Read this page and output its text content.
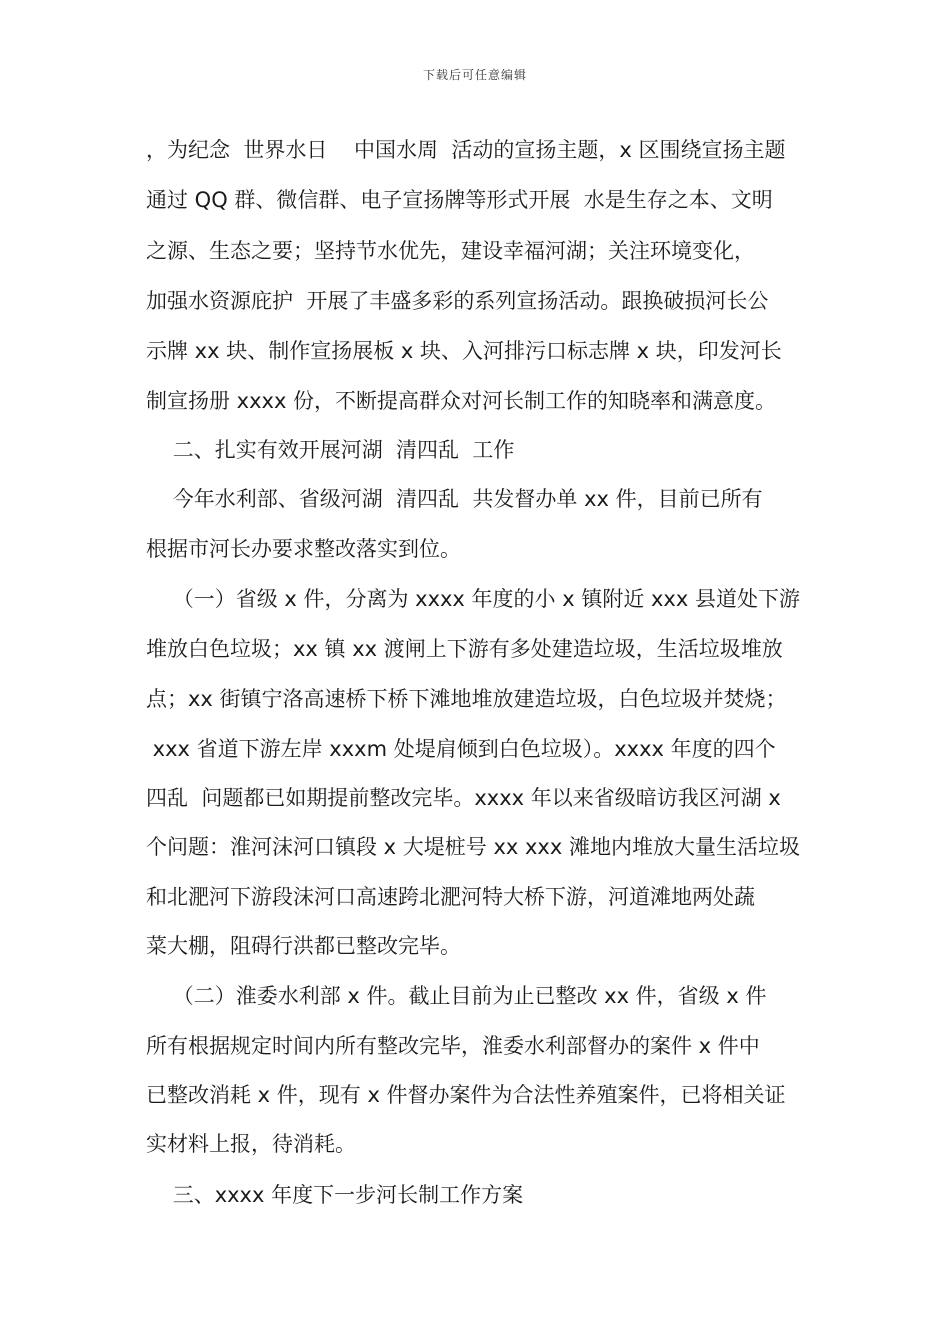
下载后可任意编辑

，为纪念  世界水日    中国水周  活动的宣扬主题，x 区围绕宣扬主题

通过 QQ 群、微信群、电子宣扬牌等形式开展  水是生存之本、文明

之源、生态之要；坚持节水优先，建设幸福河湖；关注环境变化，

加强水资源庇护  开展了丰盛多彩的系列宣扬活动。跟换破损河长公

示牌 xx 块、制作宣扬展板 x 块、入河排污口标志牌 x 块，印发河长

制宣扬册 xxxx 份，不断提高群众对河长制工作的知晓率和满意度。

二、扎实有效开展河湖  清四乱  工作

今年水利部、省级河湖  清四乱  共发督办单 xx 件，目前已所有

根据市河长办要求整改落实到位。

（一）省级 x 件，分离为 xxxx 年度的小 x 镇附近 xxx 县道处下游

堆放白色垃圾；xx 镇 xx 渡闸上下游有多处建造垃圾，生活垃圾堆放

点；xx 街镇宁洛高速桥下桥下滩地堆放建造垃圾，白色垃圾并焚烧；

xxx 省道下游左岸 xxxm 处堤肩倾到白色垃圾）。xxxx 年度的四个

四乱  问题都已如期提前整改完毕。xxxx 年以来省级暗访我区河湖 x

个问题：淮河沫河口镇段 x 大堤桩号 xx xxx 滩地内堆放大量生活垃圾

和北淝河下游段沫河口高速跨北淝河特大桥下游，河道滩地两处蔬

菜大棚，阻碍行洪都已整改完毕。

（二）淮委水利部 x 件。截止目前为止已整改 xx 件，省级 x 件

所有根据规定时间内所有整改完毕，淮委水利部督办的案件 x 件中

已整改消耗 x 件，现有 x 件督办案件为合法性养殖案件，已将相关证

实材料上报，待消耗。

三、xxxx 年度下一步河长制工作方案
